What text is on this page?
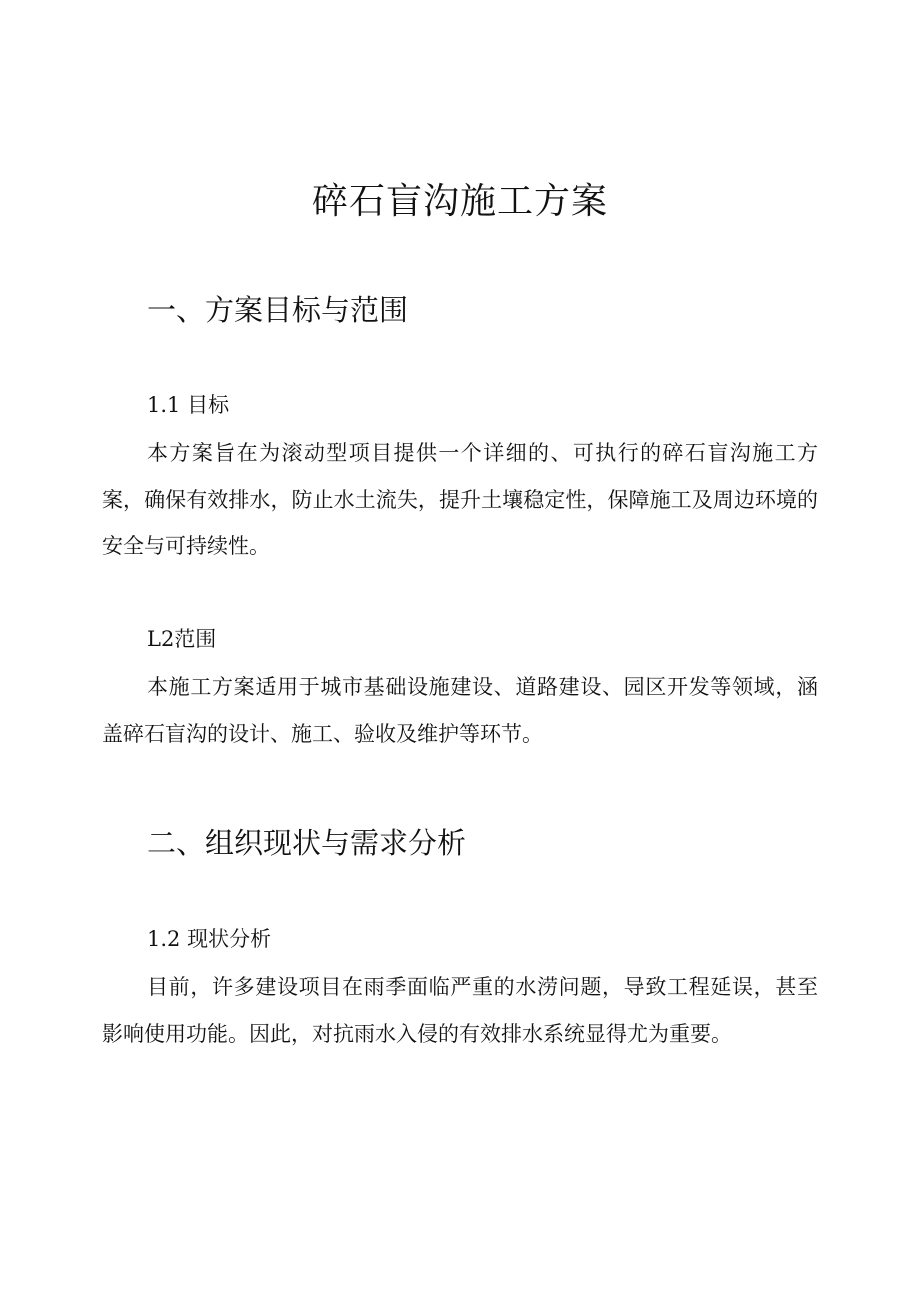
碎石盲沟施工方案
一、方案目标与范围
1.1 目标

本方案旨在为滚动型项目提供一个详细的、可执行的碎石盲沟施工方案，确保有效排水，防止水土流失，提升土壤稳定性，保障施工及周边环境的安全与可持续性。

L2范围

本施工方案适用于城市基础设施建设、道路建设、园区开发等领域，涵盖碎石盲沟的设计、施工、验收及维护等环节。

二、组织现状与需求分析
1.2 现状分析

目前，许多建设项目在雨季面临严重的水涝问题，导致工程延误，甚至影响使用功能。因此，对抗雨水入侵的有效排水系统显得尤为重要。
